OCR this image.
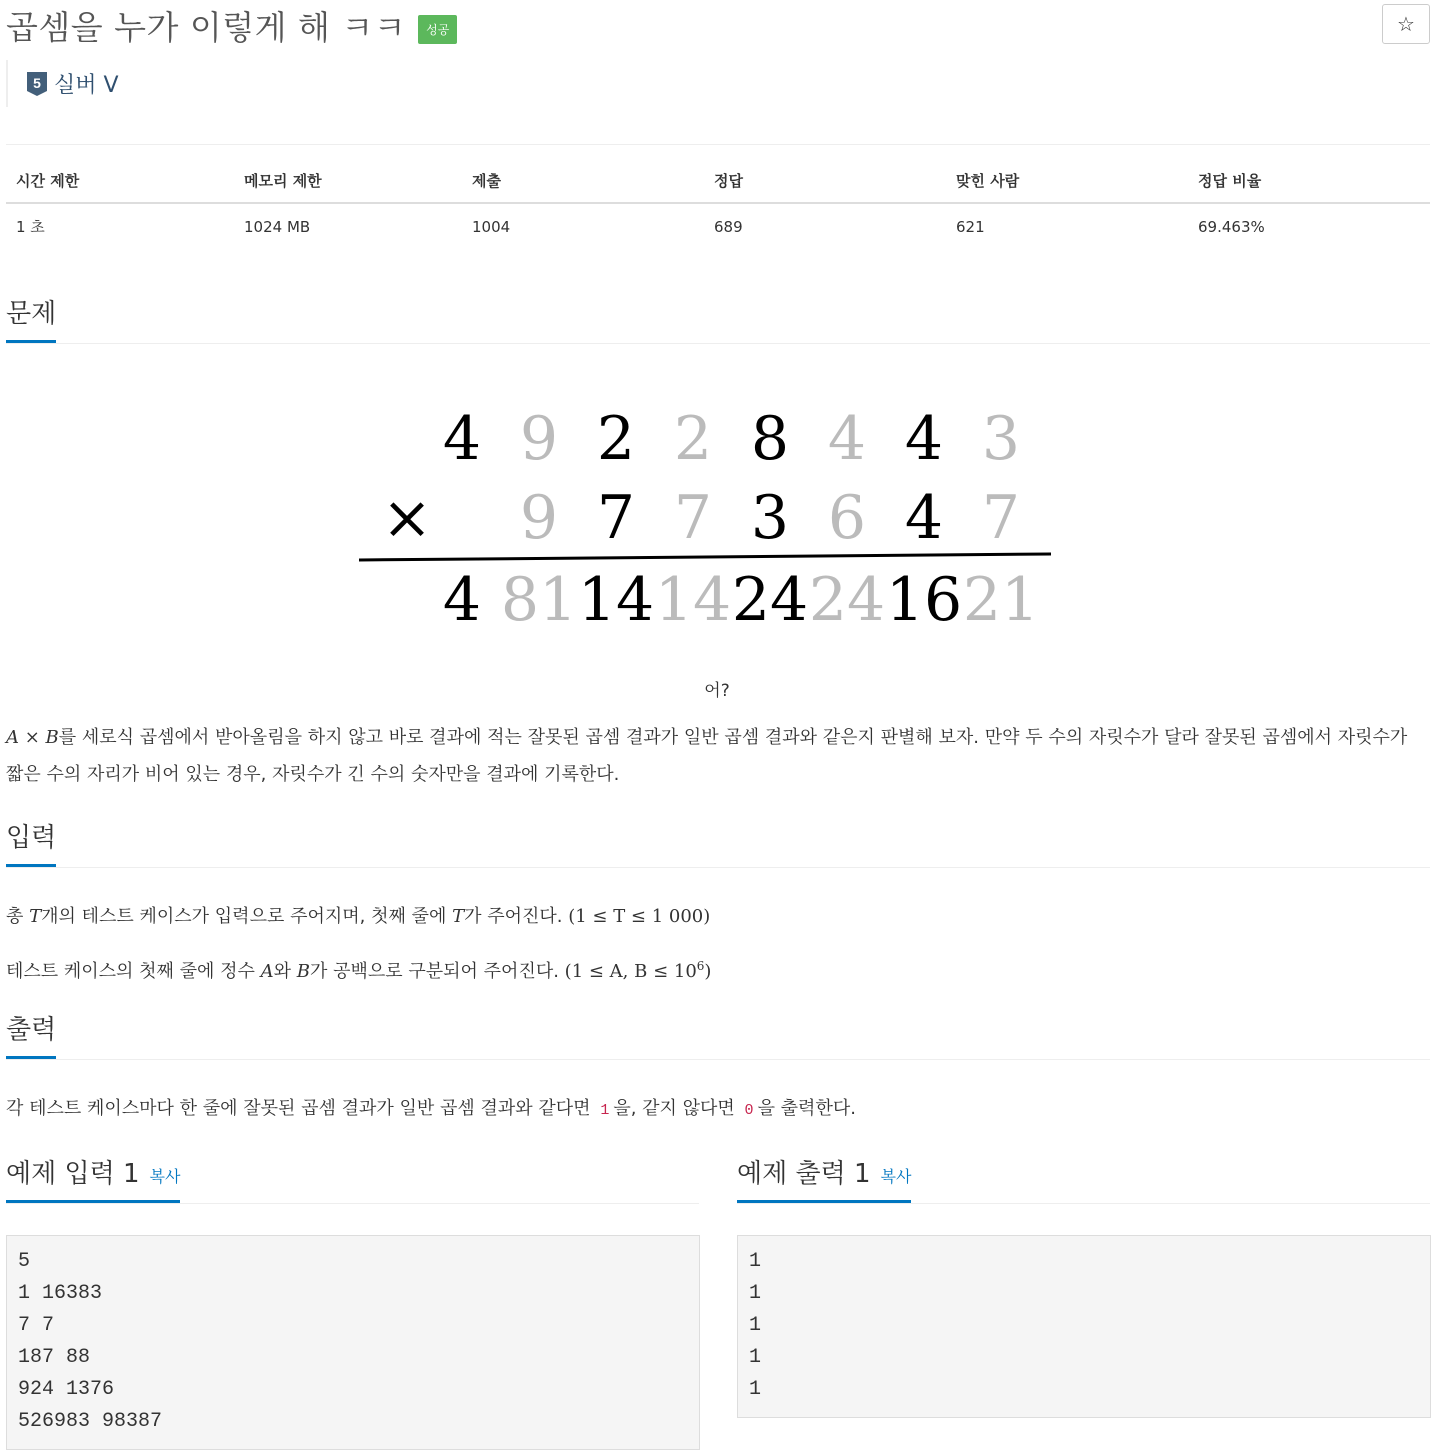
곱셈을 누가 이렇게 해 ㅋㅋ	성공	☆
5 실버 V
시간 제한	메모리 제한	제출	정답	맞힌 사람	정답 비율
1 초	1024 MB	1004	689	621	69.463%
문제
4 9 2 2 8 4 4 3
× 9 7 7 3 6 4 7
4 81 14 14 24 24 16 21
어?
A × B를 세로식 곱셈에서 받아올림을 하지 않고 바로 결과에 적는 잘못된 곱셈 결과가 일반 곱셈 결과와 같은지 판별해 보자. 만약 두 수의 자릿수가 달라 잘못된 곱셈에서 자릿수가 짧은 수의 자리가 비어 있는 경우, 자릿수가 긴 수의 숫자만을 결과에 기록한다.
입력
총 T개의 테스트 케이스가 입력으로 주어지며, 첫째 줄에 T가 주어진다. (1 ≤ T ≤ 1 000)
테스트 케이스의 첫째 줄에 정수 A와 B가 공백으로 구분되어 주어진다. (1 ≤ A, $B \le 10^6$)
출력
각 테스트 케이스마다 한 줄에 잘못된 곱셈 결과가 일반 곱셈 결과와 같다면 1 을, 같지 않다면 0 을 출력한다.
예제 입력 1 복사	예제 출력 1 복사
5
1 16383
7 7
187 88
924 1376
526983 98387
1
1
1
1
1
